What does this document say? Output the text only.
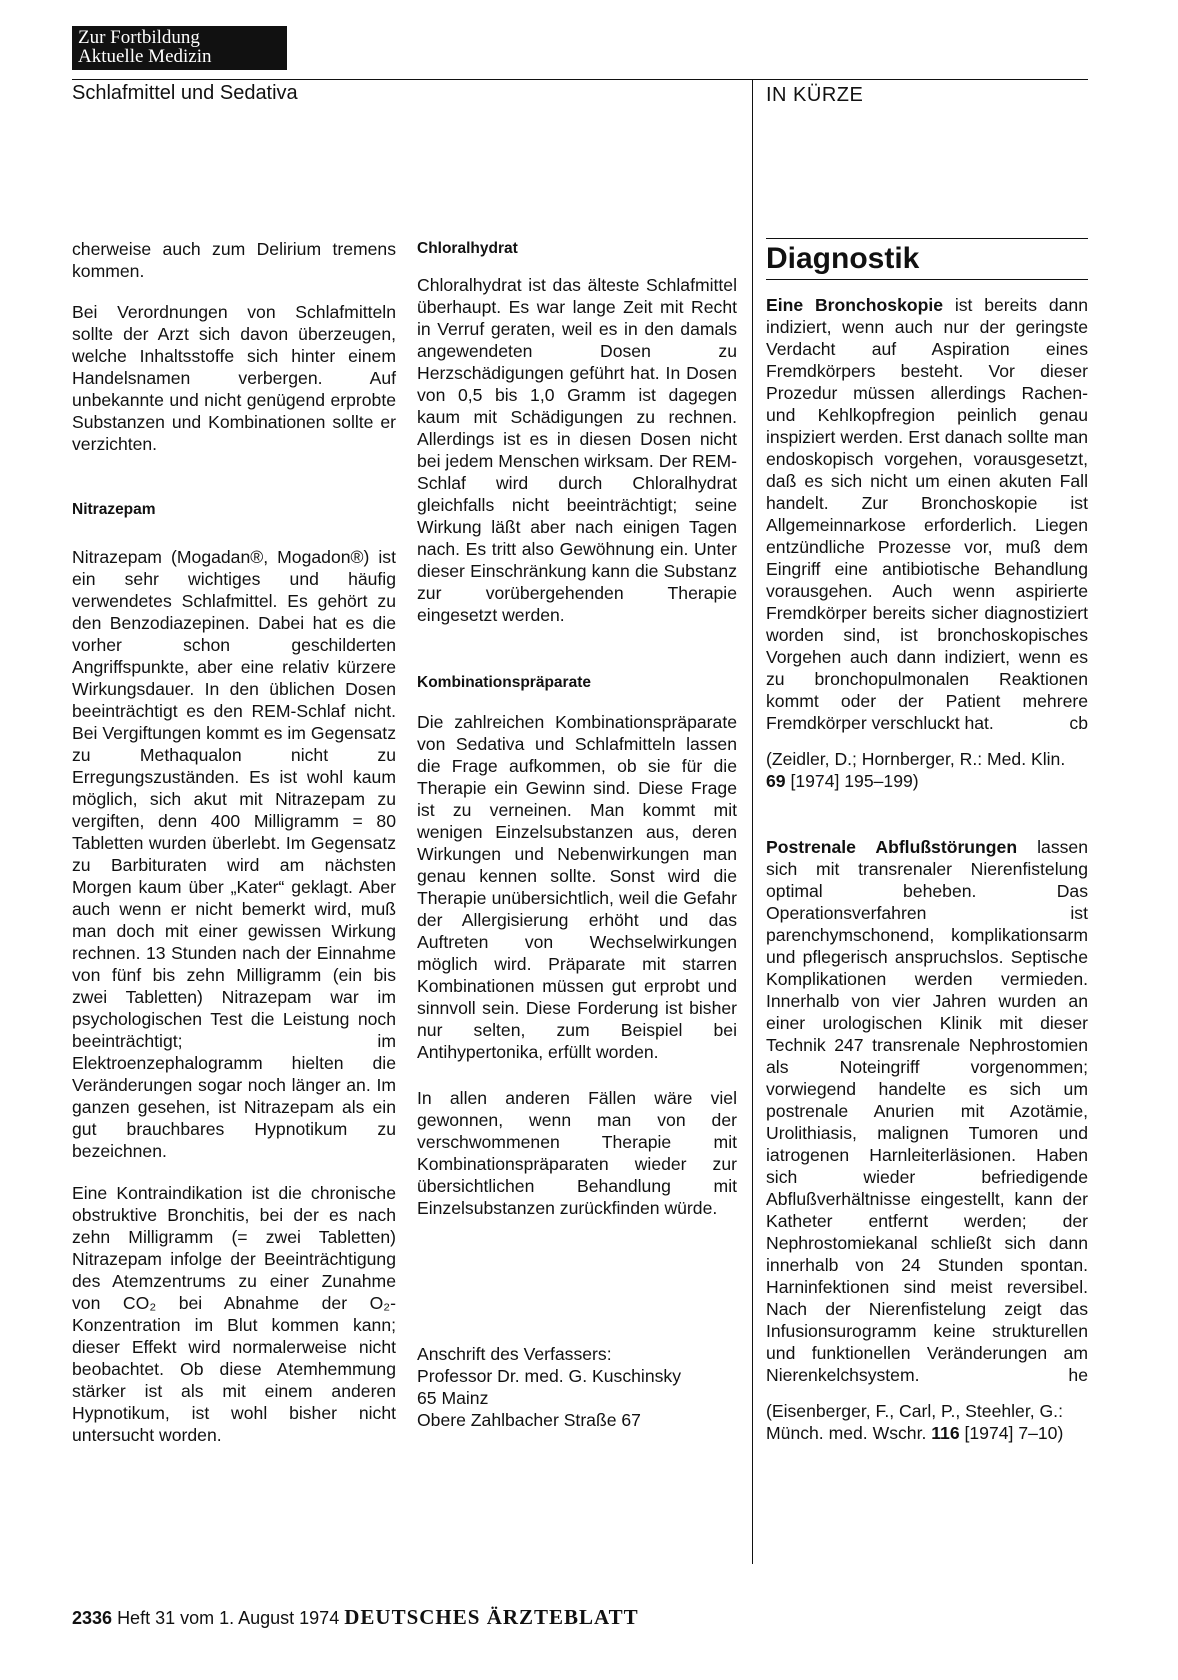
Zur Fortbildung
Aktuelle Medizin
Schlafmittel und Sedativa	IN KÜRZE

cherweise auch zum Delirium tremens kommen.

Bei Verordnungen von Schlafmitteln sollte der Arzt sich davon überzeugen, welche Inhaltsstoffe sich hinter einem Handelsnamen verbergen. Auf unbekannte und nicht genügend erprobte Substanzen und Kombinationen sollte er verzichten.

Nitrazepam

Nitrazepam (Mogadan®, Mogadon®) ist ein sehr wichtiges und häufig verwendetes Schlafmittel. Es gehört zu den Benzodiazepinen. Dabei hat es die vorher schon geschilderten Angriffspunkte, aber eine relativ kürzere Wirkungsdauer. In den üblichen Dosen beeinträchtigt es den REM-Schlaf nicht. Bei Vergiftungen kommt es im Gegensatz zu Methaqualon nicht zu Erregungszuständen. Es ist wohl kaum möglich, sich akut mit Nitrazepam zu vergiften, denn 400 Milligramm = 80 Tabletten wurden überlebt. Im Gegensatz zu Barbituraten wird am nächsten Morgen kaum über „Kater“ geklagt. Aber auch wenn er nicht bemerkt wird, muß man doch mit einer gewissen Wirkung rechnen. 13 Stunden nach der Einnahme von fünf bis zehn Milligramm (ein bis zwei Tabletten) Nitrazepam war im psychologischen Test die Leistung noch beeinträchtigt; im Elektroenzephalogramm hielten die Veränderungen sogar noch länger an. Im ganzen gesehen, ist Nitrazepam als ein gut brauchbares Hypnotikum zu bezeichnen.

Eine Kontraindikation ist die chronische obstruktive Bronchitis, bei der es nach zehn Milligramm (= zwei Tabletten) Nitrazepam infolge der Beeinträchtigung des Atemzentrums zu einer Zunahme von CO₂ bei Abnahme der O₂-Konzentration im Blut kommen kann; dieser Effekt wird normalerweise nicht beobachtet. Ob diese Atemhemmung stärker ist als mit einem anderen Hypnotikum, ist wohl bisher nicht untersucht worden.

Chloralhydrat

Chloralhydrat ist das älteste Schlafmittel überhaupt. Es war lange Zeit mit Recht in Verruf geraten, weil es in den damals angewendeten Dosen zu Herzschädigungen geführt hat. In Dosen von 0,5 bis 1,0 Gramm ist dagegen kaum mit Schädigungen zu rechnen. Allerdings ist es in diesen Dosen nicht bei jedem Menschen wirksam. Der REM-Schlaf wird durch Chloralhydrat gleichfalls nicht beeinträchtigt; seine Wirkung läßt aber nach einigen Tagen nach. Es tritt also Gewöhnung ein. Unter dieser Einschränkung kann die Substanz zur vorübergehenden Therapie eingesetzt werden.

Kombinationspräparate

Die zahlreichen Kombinationspräparate von Sedativa und Schlafmitteln lassen die Frage aufkommen, ob sie für die Therapie ein Gewinn sind. Diese Frage ist zu verneinen. Man kommt mit wenigen Einzelsubstanzen aus, deren Wirkungen und Nebenwirkungen man genau kennen sollte. Sonst wird die Therapie unübersichtlich, weil die Gefahr der Allergisierung erhöht und das Auftreten von Wechselwirkungen möglich wird. Präparate mit starren Kombinationen müssen gut erprobt und sinnvoll sein. Diese Forderung ist bisher nur selten, zum Beispiel bei Antihypertonika, erfüllt worden.

In allen anderen Fällen wäre viel gewonnen, wenn man von der verschwommenen Therapie mit Kombinationspräparaten wieder zur übersichtlichen Behandlung mit Einzelsubstanzen zurückfinden würde.

Anschrift des Verfassers:
Professor Dr. med. G. Kuschinsky
65 Mainz
Obere Zahlbacher Straße 67
Diagnostik

Eine Bronchoskopie ist bereits dann indiziert, wenn auch nur der geringste Verdacht auf Aspiration eines Fremdkörpers besteht. Vor dieser Prozedur müssen allerdings Rachen- und Kehlkopfregion peinlich genau inspiziert werden. Erst danach sollte man endoskopisch vorgehen, vorausgesetzt, daß es sich nicht um einen akuten Fall handelt. Zur Bronchoskopie ist Allgemeinnarkose erforderlich. Liegen entzündliche Prozesse vor, muß dem Eingriff eine antibiotische Behandlung vorausgehen. Auch wenn aspirierte Fremdkörper bereits sicher diagnostiziert worden sind, ist bronchoskopisches Vorgehen auch dann indiziert, wenn es zu bronchopulmonalen Reaktionen kommt oder der Patient mehrere Fremdkörper verschluckt hat.	cb

(Zeidler, D.; Hornberger, R.: Med. Klin. 69 [1974] 195–199)

Postrenale Abflußstörungen lassen sich mit transrenaler Nierenfistelung optimal beheben. Das Operationsverfahren ist parenchymschonend, komplikationsarm und pflegerisch anspruchslos. Septische Komplikationen werden vermieden. Innerhalb von vier Jahren wurden an einer urologischen Klinik mit dieser Technik 247 transrenale Nephrostomien als Noteingriff vorgenommen; vorwiegend handelte es sich um postrenale Anurien mit Azotämie, Urolithiasis, malignen Tumoren und iatrogenen Harnleiterläsionen. Haben sich wieder befriedigende Abflußverhältnisse eingestellt, kann der Katheter entfernt werden; der Nephrostomiekanal schließt sich dann innerhalb von 24 Stunden spontan. Harninfektionen sind meist reversibel. Nach der Nierenfistelung zeigt das Infusionsurogramm keine strukturellen und funktionellen Veränderungen am Nierenkelchsystem.	he

(Eisenberger, F., Carl, P., Steehler, G.: Münch. med. Wschr. 116 [1974] 7–10)

2336 Heft 31 vom 1. August 1974 DEUTSCHES ÄRZTEBLATT
